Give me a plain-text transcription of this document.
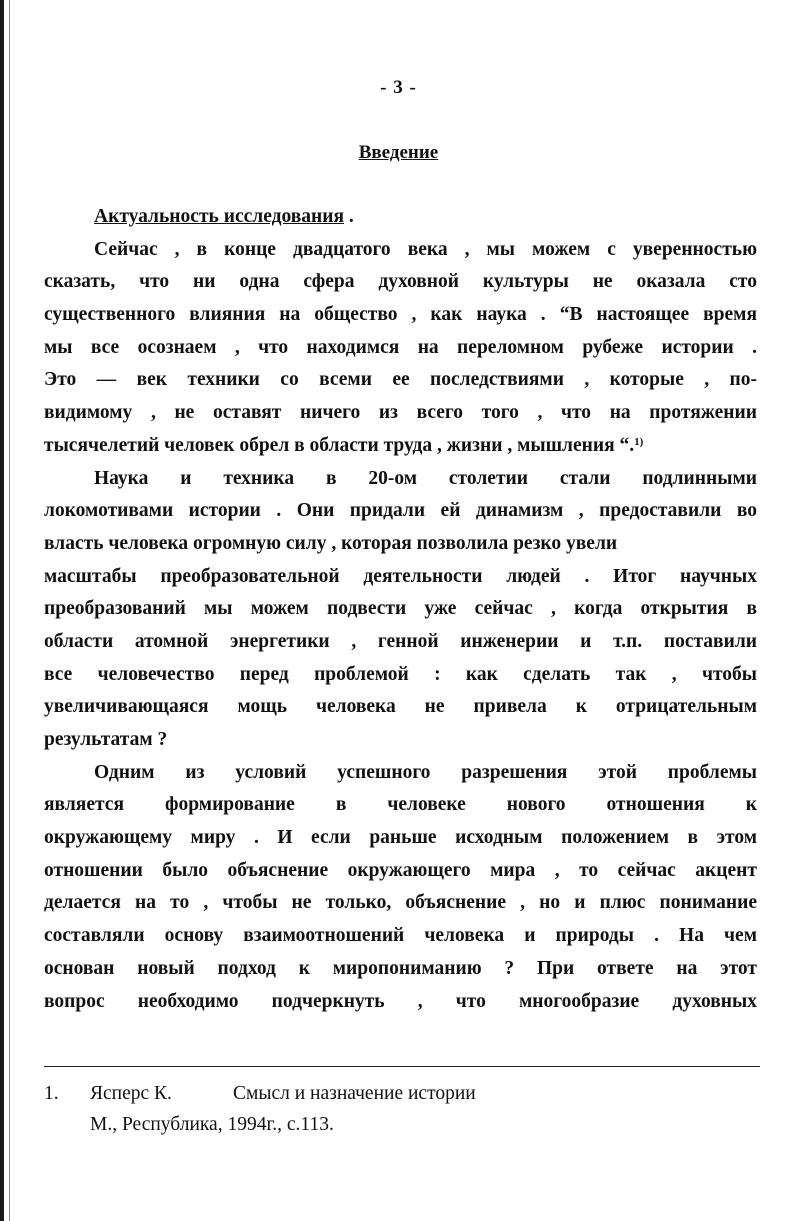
- 3 -
Введение
Актуальность исследования .
Сейчас , в конце двадцатого века , мы можем с уверенностью
сказать, что ни одна сфера духовной культуры не оказала сто
существенного влияния на общество , как наука . “В настоящее время
мы все осознаем , что находимся на переломном рубеже истории .
Это — век техники со всеми ее последствиями , которые , по-
видимому , не оставят ничего из всего того , что на протяжении
тысячелетий человек обрел в области труда , жизни , мышления “.$^{1)}$
Наука и техника в 20-ом столетии стали подлинными
локомотивами истории . Они придали ей динамизм , предоставили во
власть человека огромную силу , которая позволила резко увели
масштабы преобразовательной деятельности людей . Итог научных
преобразований мы можем подвести уже сейчас , когда открытия в
области атомной энергетики , генной инженерии и т.п. поставили
все человечество перед проблемой : как сделать так , чтобы
увеличивающаяся мощь человека не привела к отрицательным
результатам ?
Одним из условий успешного разрешения этой проблемы
является формирование в человеке нового отношения к
окружающему миру . И если раньше исходным положением в этом
отношении было объяснение окружающего мира , то сейчас акцент
делается на то , чтобы не только, объяснение , но и плюс понимание
составляли основу взаимоотношений человека и природы . На чем
основан новый подход к миропониманию ? При ответе на этот
вопрос необходимо подчеркнуть , что многообразие духовных
1. Ясперс К.	Смысл и назначение истории
М., Республика, 1994г., с.113.
